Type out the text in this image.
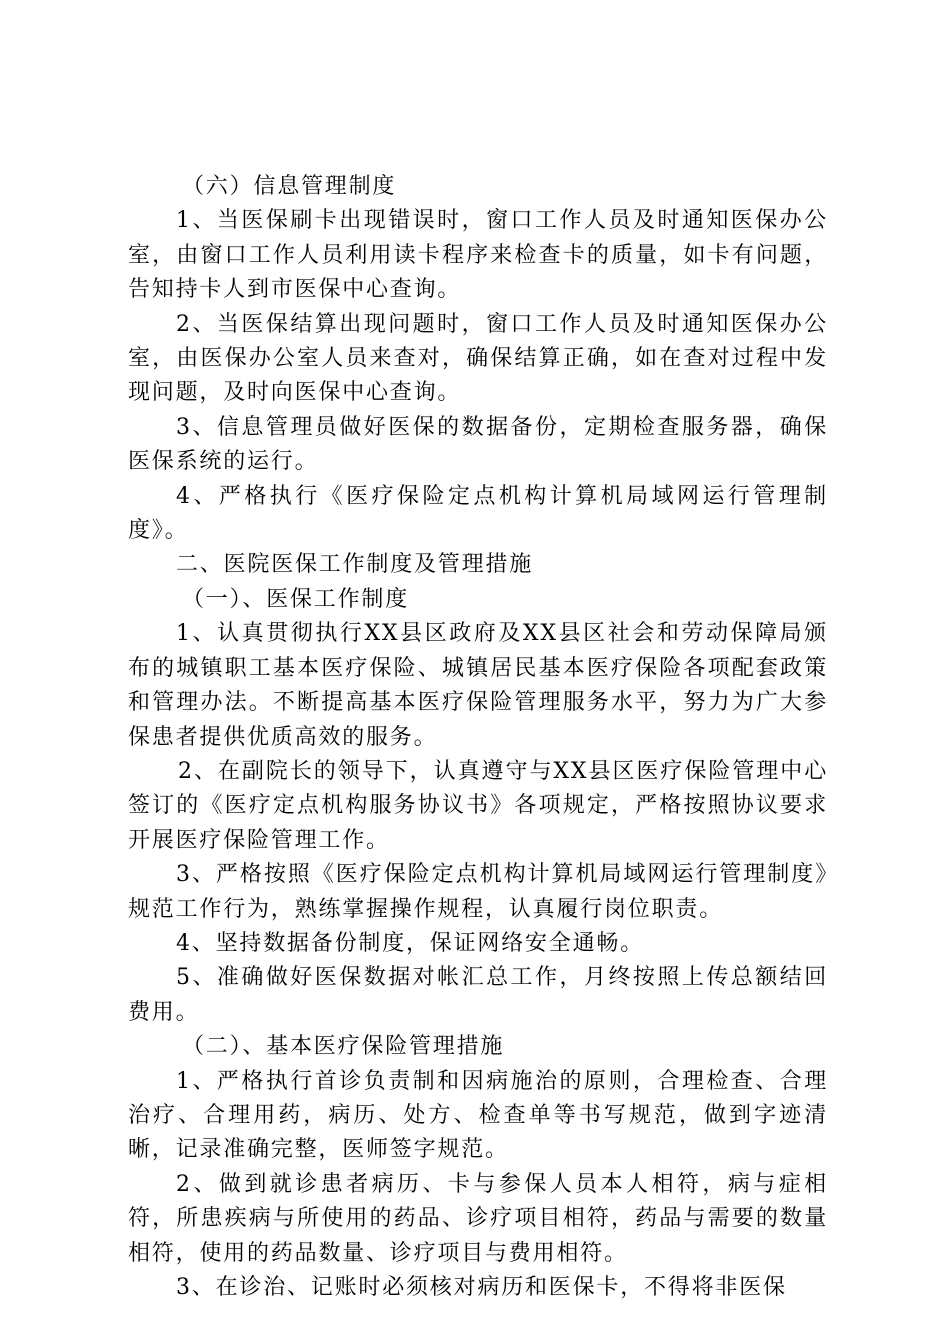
（六）信息管理制度

1、当医保刷卡出现错误时，窗口工作人员及时通知医保办公室，由窗口工作人员利用读卡程序来检查卡的质量，如卡有问题，告知持卡人到市医保中心查询。

2、当医保结算出现问题时，窗口工作人员及时通知医保办公室，由医保办公室人员来查对，确保结算正确，如在查对过程中发现问题，及时向医保中心查询。

3、信息管理员做好医保的数据备份，定期检查服务器，确保医保系统的运行。

4、严格执行《医疗保险定点机构计算机局域网运行管理制度》。

二、医院医保工作制度及管理措施

（一）、医保工作制度

1、认真贯彻执行XX县区政府及XX县区社会和劳动保障局颁布的城镇职工基本医疗保险、城镇居民基本医疗保险各项配套政策和管理办法。不断提高基本医疗保险管理服务水平，努力为广大参保患者提供优质高效的服务。

2、在副院长的领导下，认真遵守与XX县区医疗保险管理中心签订的《医疗定点机构服务协议书》各项规定，严格按照协议要求开展医疗保险管理工作。

3、严格按照《医疗保险定点机构计算机局域网运行管理制度》规范工作行为，熟练掌握操作规程，认真履行岗位职责。

4、坚持数据备份制度，保证网络安全通畅。

5、准确做好医保数据对帐汇总工作，月终按照上传总额结回费用。

（二）、基本医疗保险管理措施

1、严格执行首诊负责制和因病施治的原则，合理检查、合理治疗、合理用药，病历、处方、检查单等书写规范，做到字迹清晰，记录准确完整，医师签字规范。

2、做到就诊患者病历、卡与参保人员本人相符，病与症相符，所患疾病与所使用的药品、诊疗项目相符，药品与需要的数量相符，使用的药品数量、诊疗项目与费用相符。

3、在诊治、记账时必须核对病历和医保卡，不得将非医保
